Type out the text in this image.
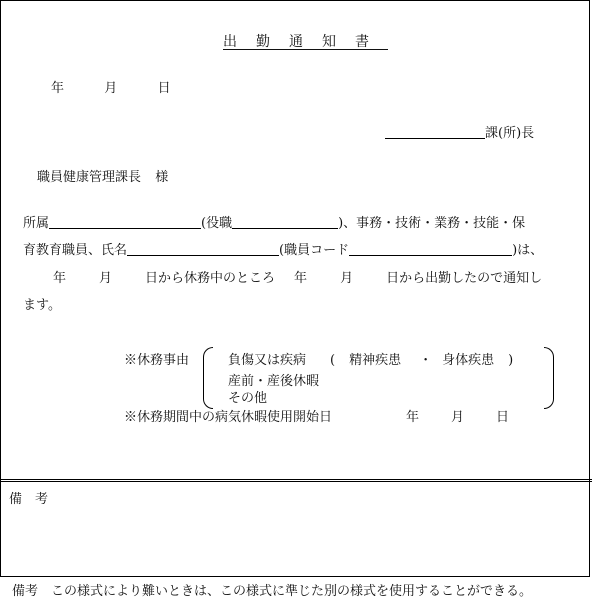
出勤通知書
年	月	日
課(所)長
職員健康管理課長 様
所属	(役職	)、事務・技術・業務・技能・保
育教育職員、氏名	(職員コード	)は、
年	月	日から休務中のところ 年	月	日から出勤したので通知し
ます。
※休務事由	負傷又は疾病 ( 精神疾患 ・ 身体疾患 )
産前・産後休暇
その他
※休務期間中の病気休暇使用開始日	年 月 日
備　考
備考　この様式により難いときは、この様式に準じた別の様式を使用することができる。
